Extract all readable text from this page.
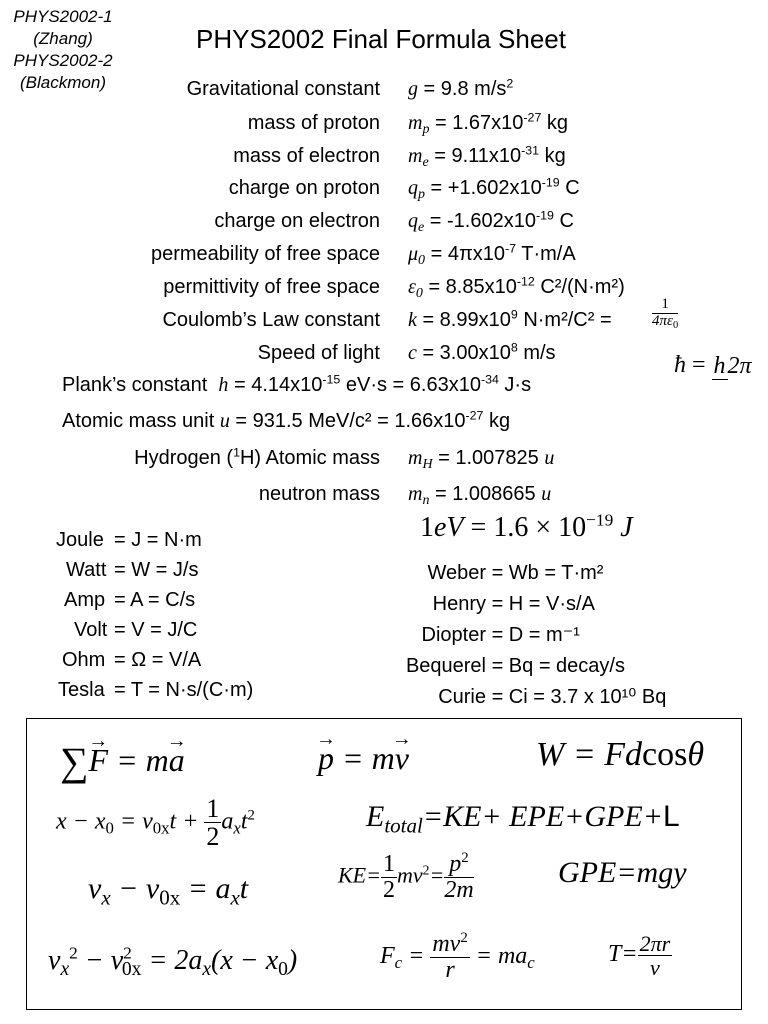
PHYS2002-1
(Zhang)
PHYS2002-2
(Blackmon)
PHYS2002 Final Formula Sheet
Gravitational constant g = 9.8 $m/s^2$
mass of proton $m_p = 1.67x10^{-27}$ kg
mass of electron $m_e = 9.11x10^{-31}$ kg
charge on proton $q_p = +1.602x10^{-19}$ C
charge on electron $q_e = -1.602x10^{-19}$ C
permeability of free space $\mu_0 = 4\pi x10^{-7}$ T·m/A
permittivity of free space $\varepsilon_0 = 8.85x10^{-12}$ C²/(N·m²)
Coulomb’s Law constant $k = 8.99x10^9$ N·m²/C² =	$\frac{1}{4\pi\varepsilon_0}$
Speed of light $c = 3.00x10^8$ m/s
Plank’s constant $h = 4.14x10^{-15}$ $eV\cdot s = 6.63x10^{-34}$ J·s
ħ = h2π
Atomic mass unit u = 931.5 $MeV/c^2 = 1.66x10^{-27}$ kg
Hydrogen ($^1$H) Atomic mass $m_H = 1.007825$ u
neutron mass $m_n = 1.008665$ u
Joule = J = N·m
Watt = W = J/s
Amp = A = C/s
Volt = V = J/C
Ohm = Ω = V/A
Tesla = T = N·s/(C·m)
$1eV = 1.6 \times 10^{-19}$ J
Weber = Wb = T·m²
Henry = H = V·s/A
Diopter = D = m⁻¹
Bequerel = Bq = decay/s
Curie = Ci = 3.7 x 10¹⁰ Bq
∑F → = ma →	p → = mv →	W = Fdcosθ
$x - x_0 = v_{0x}t + \frac{1}{2} a_xt^2$	$E_{total}=KE+ EPE+GPE+L$
$v_x - v_{0x} = a_xt$	$KE= \frac{1}{2} mv^2= \frac{p^2}{2m}$	GPE=mgy
$v_x^2 - v^2_{0x} = 2a_x(x - x_0)$	$F_c = \frac{mv^2}{r} = ma_c$	$T= \frac{2\pi r}{v}$
